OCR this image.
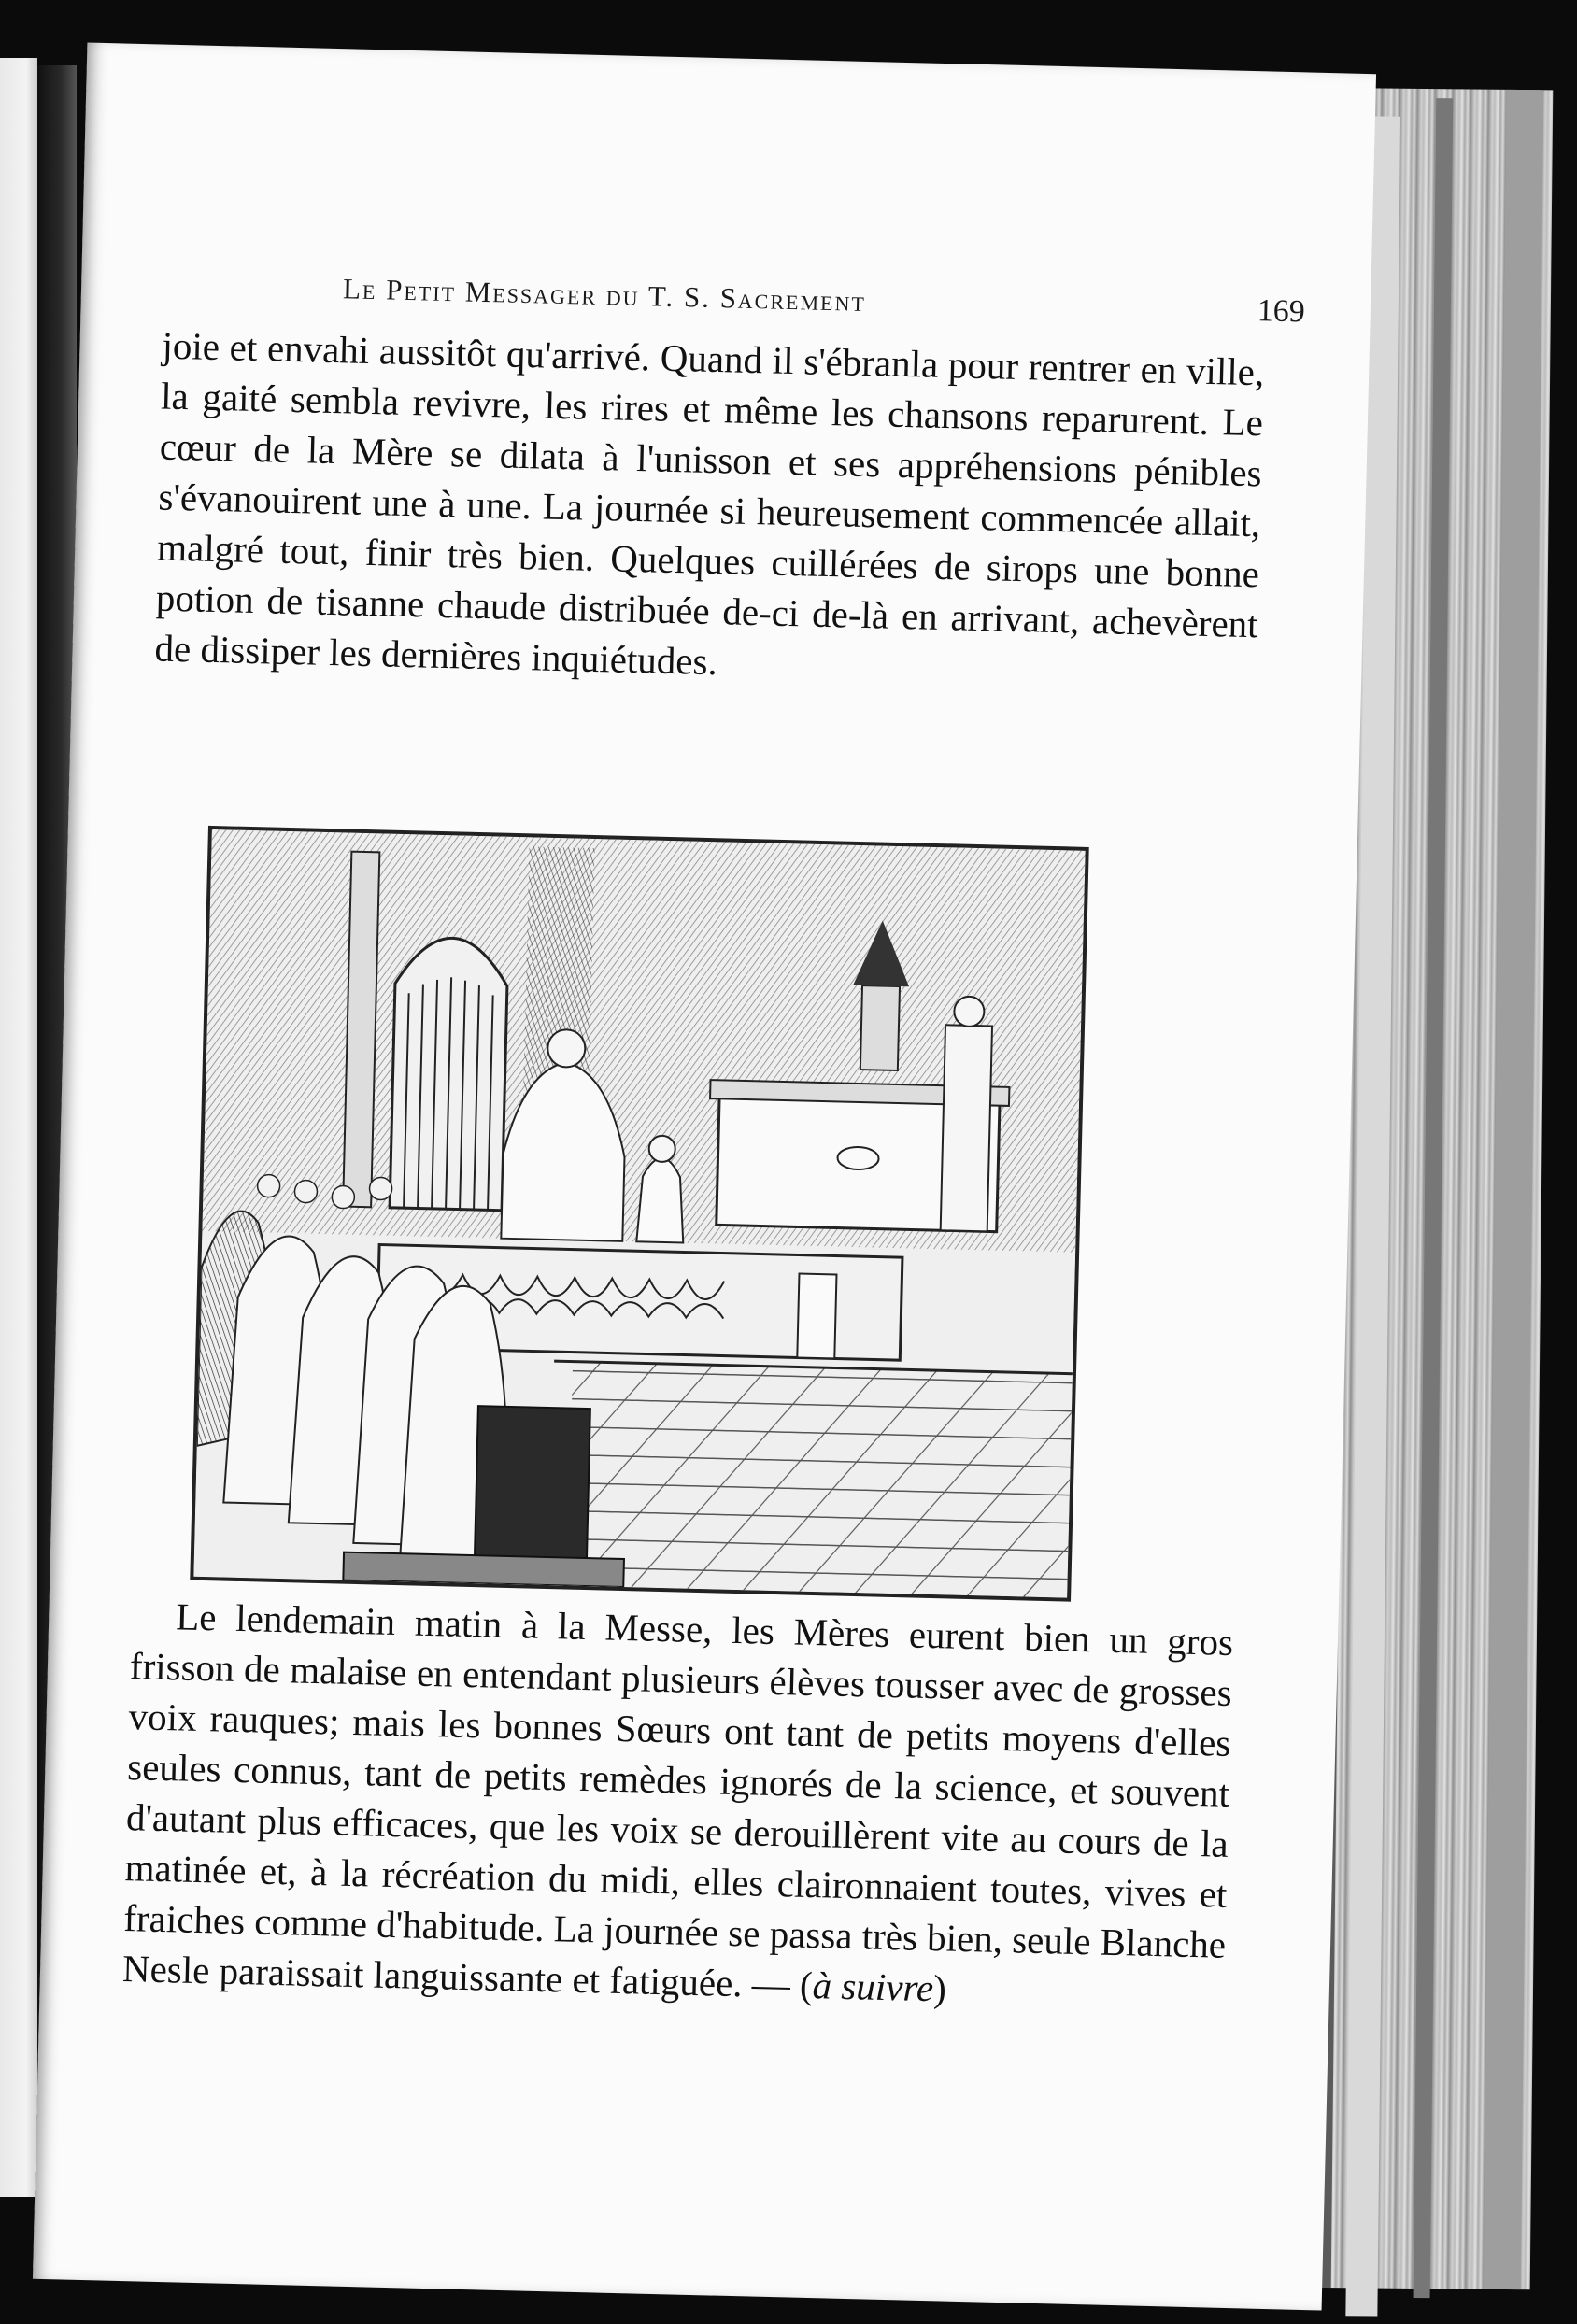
Le Petit Messager du T. S. Sacrement	169

joie et envahi aussitôt qu'arrivé. Quand il s'ébranla pour rentrer en ville, la gaité sembla revivre, les rires et même les chansons reparurent. Le cœur de la Mère se dilata à l'unisson et ses appréhensions pénibles s'évanouirent une à une. La journée si heureusement commencée allait, malgré tout, finir très bien. Quelques cuillérées de sirops une bonne potion de tisanne chaude distribuée de-ci de-là en arrivant, achevèrent de dissiper les dernières inquiétudes.

Le lendemain matin à la Messe, les Mères eurent bien un gros frisson de malaise en entendant plusieurs élèves tousser avec de grosses voix rauques; mais les bonnes Sœurs ont tant de petits moyens d'elles seules connus, tant de petits remèdes ignorés de la science, et souvent d'autant plus efficaces, que les voix se derouillèrent vite au cours de la matinée et, à la récréation du midi, elles claironnaient toutes, vives et fraiches comme d'habitude. La journée se passa très bien, seule Blanche Nesle paraissait languissante et fatiguée. — (à suivre)
